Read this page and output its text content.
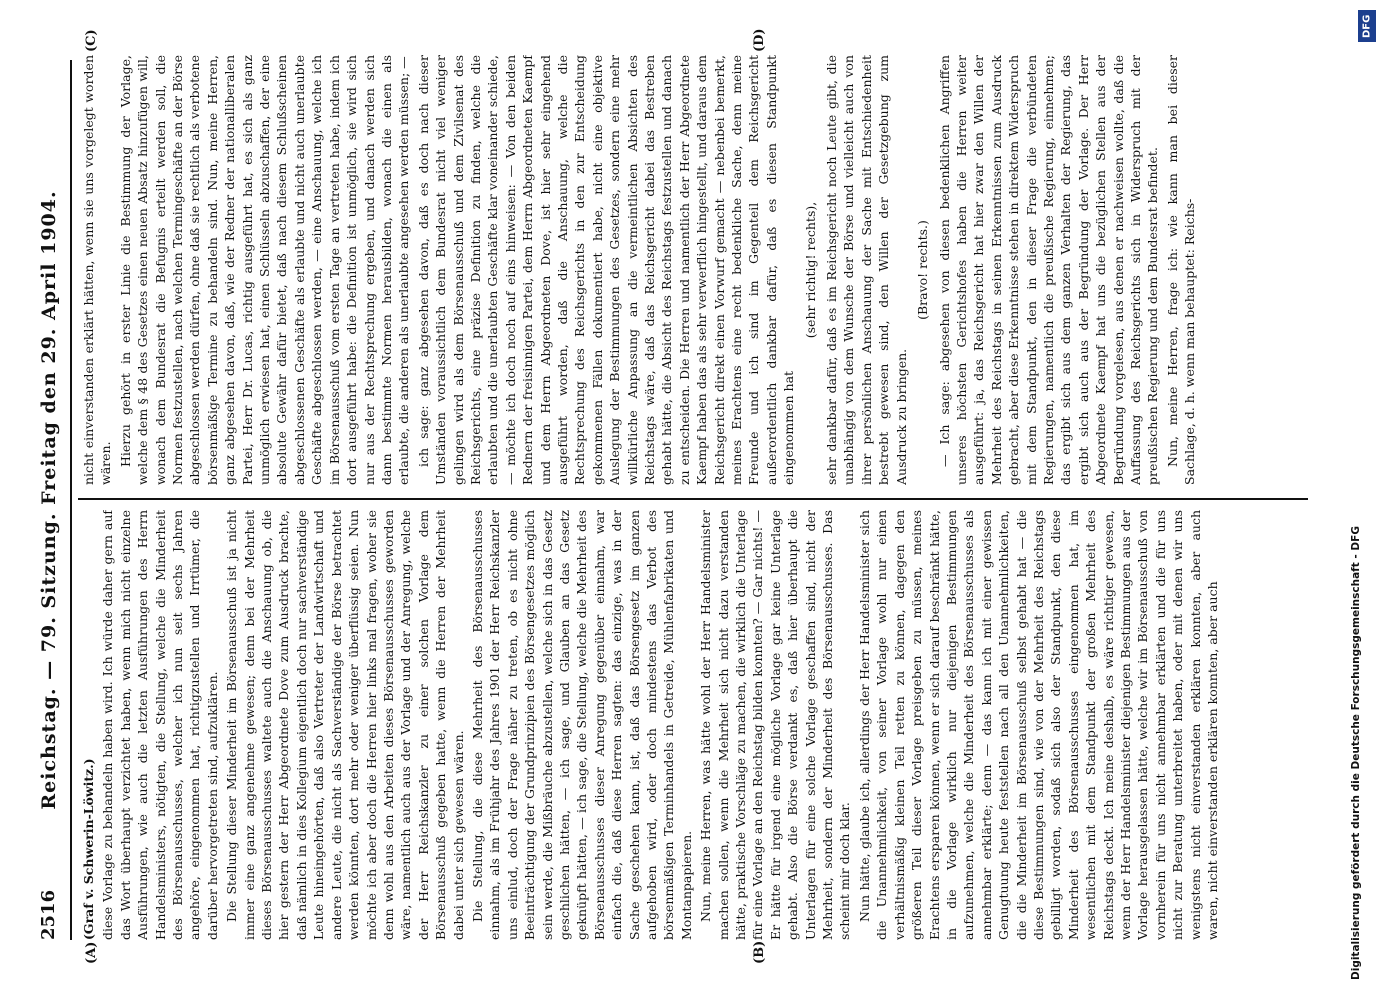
2516
Reichstag. — 79. Sitzung. Freitag den 29. April 1904.
(A)	(B)
(C)	(D)

(Graf v. Schwerin-Löwitz.) diese Vorlage zu behandeln haben wird. Ich würde daher gern auf das Wort überhaupt verzichtet haben, wenn mich nicht einzelne Ausführungen, wie auch die letzten Ausführungen des Herrn Handelsministers, nötigten, die Stellung, welche die Minderheit des Börsenausschusses, welcher ich nun seit sechs Jahren angehöre, eingenommen hat, richtigzustellen und Irrtümer, die darüber hervorgetreten sind, aufzuklären. Die Stellung dieser Minderheit im Börsenausschuß ist ja nicht immer eine ganz angenehme gewesen; denn bei der Mehrheit dieses Börsenausschusses waltete auch die Anschauung ob, die hier gestern der Herr Abgeordnete Dove zum Ausdruck brachte, daß nämlich in dies Kollegium eigentlich doch nur sachverständige Leute hineingehörten, daß also Vertreter der Landwirtschaft und andere Leute, die nicht als Sachverständige der Börse betrachtet werden könnten, dort mehr oder weniger überflüssig seien. Nun möchte ich aber doch die Herren hier links mal fragen, woher sie denn wohl aus den Arbeiten dieses Börsenausschusses geworden wäre, namentlich auch aus der Vorlage und der Anregung, welche der Herr Reichskanzler zu einer solchen Vorlage dem Börsenausschuß gegeben hatte, wenn die Herren der Mehrheit dabei unter sich gewesen wären. Die Stellung, die diese Mehrheit des Börsenausschusses einnahm, als im Frühjahr des Jahres 1901 der Herr Reichskanzler uns einlud, doch der Frage näher zu treten, ob es nicht ohne Beeinträchtigung der Grundprinzipien des Börsengesetzes möglich sein werde, die Mißbräuche abzustellen, welche sich in das Gesetz geschlichen hätten, — ich sage, und Glauben an das Gesetz geknüpft hätten, — ich sage, die Stellung, welche die Mehrheit des Börsenausschusses dieser Anregung gegenüber einnahm, war einfach die, daß diese Herren sagten: das einzige, was in der Sache geschehen kann, ist, daß das Börsengesetz im ganzen aufgehoben wird, oder doch mindestens das Verbot des börsenmäßigen Terminhandels in Getreide, Mühlenfabrikaten und Montanpapieren. Nun, meine Herren, was hätte wohl der Herr Handelsminister machen sollen, wenn die Mehrheit sich nicht dazu verstanden hätte, praktische Vorschläge zu machen, die wirklich die Unterlage für eine Vorlage an den Reichstag bilden konnten? — Gar nichts! — Er hätte für irgend eine mögliche Vorlage gar keine Unterlage gehabt. Also die Börse verdankt es, daß hier überhaupt die Unterlagen für eine solche Vorlage geschaffen sind, nicht der Mehrheit, sondern der Minderheit des Börsenausschusses. Das scheint mir doch klar. Nun hätte, glaube ich, allerdings der Herr Handelsminister sich die Unannehmlichkeit, von seiner Vorlage wohl nur einen verhältnismäßig kleinen Teil retten zu können, dagegen den größeren Teil dieser Vorlage preisgeben zu müssen, meines Erachtens ersparen können, wenn er sich darauf beschränkt hätte, in die Vorlage wirklich nur diejenigen Bestimmungen aufzunehmen, welche die Minderheit des Börsenausschusses als annehmbar erklärte; denn — das kann ich mit einer gewissen Genugtuung heute feststellen nach all den Unannehmlichkeiten, die die Minderheit im Börsenausschuß selbst gehabt hat — die diese Bestimmungen sind, wie von der Mehrheit des Reichstags gebilligt worden, sodaß sich also der Standpunkt, den diese Minderheit des Börsenausschusses eingenommen hat, im wesentlichen mit dem Standpunkt der großen Mehrheit des Reichstags deckt. Ich meine deshalb, es wäre richtiger gewesen, wenn der Herr Handelsminister diejenigen Bestimmungen aus der Vorlage herausgelassen hätte, welche wir im Börsenausschuß von vornherein für uns nicht annehmbar erklärten und die für uns nicht zur Beratung unterbreitet haben, oder mit denen wir uns wenigstens nicht einverstanden erklären konnten, aber auch waren, nicht einverstanden erklären konnten, aber auch

nicht einverstanden erklärt hätten, wenn sie uns vorgelegt worden wären. Hierzu gehört in erster Linie die Bestimmung der Vorlage, welche dem § 48 des Gesetzes einen neuen Absatz hinzufügen will, wonach dem Bundesrat die Befugnis erteilt werden soll, die Normen festzustellen, nach welchen Termingeschäfte an der Börse abgeschlossen werden dürfen, ohne daß sie rechtlich als verbotene börsenmäßige Termine zu behandeln sind. Nun, meine Herren, ganz abgesehen davon, daß, wie der Redner der nationalliberalen Partei, Herr Dr. Lucas, richtig ausgeführt hat, es sich als ganz unmöglich erwiesen hat, einen Schlüsseln abzuschaffen, der eine absolute Gewähr dafür bietet, daß nach diesem Schlußscheinen abgeschlossenen Geschäfte als erlaubte und nicht auch unerlaubte Geschäfte abgeschlossen werden, — eine Anschauung, welche ich im Börsenausschuß vom ersten Tage an vertreten habe, indem ich dort ausgeführt habe: die Definition ist unmöglich, sie wird sich nur aus der Rechtsprechung ergeben, und danach werden sich dann bestimmte Normen herausbilden, wonach die einen als erlaubte, die anderen als unerlaubte angesehen werden müssen; — ich sage: ganz abgesehen davon, daß es doch nach dieser Umständen voraussichtlich dem Bundesrat nicht viel weniger gelingen wird als dem Börsenausschuß und dem Zivilsenat des Reichsgerichts, eine präzise Definition zu finden, welche die erlaubten und die unerlaubten Geschäfte klar voneinander schiede, — möchte ich doch noch auf eins hinweisen: — Von den beiden Rednern der freisinnigen Partei, dem Herrn Abgeordneten Kaempf und dem Herrn Abgeordneten Dove, ist hier sehr eingehend ausgeführt worden, daß die Anschauung, welche die Rechtsprechung des Reichsgerichts in den zur Entscheidung gekommenen Fällen dokumentiert habe, nicht eine objektive Auslegung der Bestimmungen des Gesetzes, sondern eine mehr willkürliche Anpassung an die vermeintlichen Absichten des Reichstags wäre, daß das Reichsgericht dabei das Bestreben gehabt hätte, die Absicht des Reichstags festzustellen und danach zu entscheiden. Die Herren und namentlich der Herr Abgeordnete Kaempf haben das als sehr verwerflich hingestellt, und daraus dem Reichsgericht direkt einen Vorwurf gemacht — nebenbei bemerkt, meines Erachtens eine recht bedenkliche Sache, denn meine Freunde und ich sind im Gegenteil dem Reichsgericht außerordentlich dankbar dafür, daß es diesen Standpunkt eingenommen hat

(sehr richtig! rechts), sehr dankbar dafür, daß es im Reichsgericht noch Leute gibt, die unabhängig von dem Wunsche der Börse und vielleicht auch von ihrer persönlichen Anschauung der Sache mit Entschiedenheit bestrebt gewesen sind, den Willen der Gesetzgebung zum Ausdruck zu bringen.

(Bravo! rechts.) — Ich sage: abgesehen von diesen bedenklichen Angriffen unseres höchsten Gerichtshofes haben die Herren weiter ausgeführt: ja, das Reichsgericht hat hier zwar den Willen der Mehrheit des Reichstags in seinen Erkenntnissen zum Ausdruck gebracht, aber diese Erkenntnisse stehen in direktem Widerspruch mit dem Standpunkt, den in dieser Frage die verbündeten Regierungen, namentlich die preußische Regierung, einnehmen; das ergibt sich aus dem ganzen Verhalten der Regierung, das ergibt sich auch aus der Begründung der Vorlage. Der Herr Abgeordnete Kaempf hat uns die bezüglichen Stellen aus der Begründung vorgelesen, aus denen er nachweisen wollte, daß die Auffassung des Reichsgerichts sich in Widerspruch mit der preußischen Regierung und dem Bundesrat befindet. Nun, meine Herren, frage ich: wie kann man bei dieser Sachlage, d. h. wenn man behauptet: Reichs-

DFG
Digitalisierung gefördert durch die Deutsche Forschungsgemeinschaft - DFG
